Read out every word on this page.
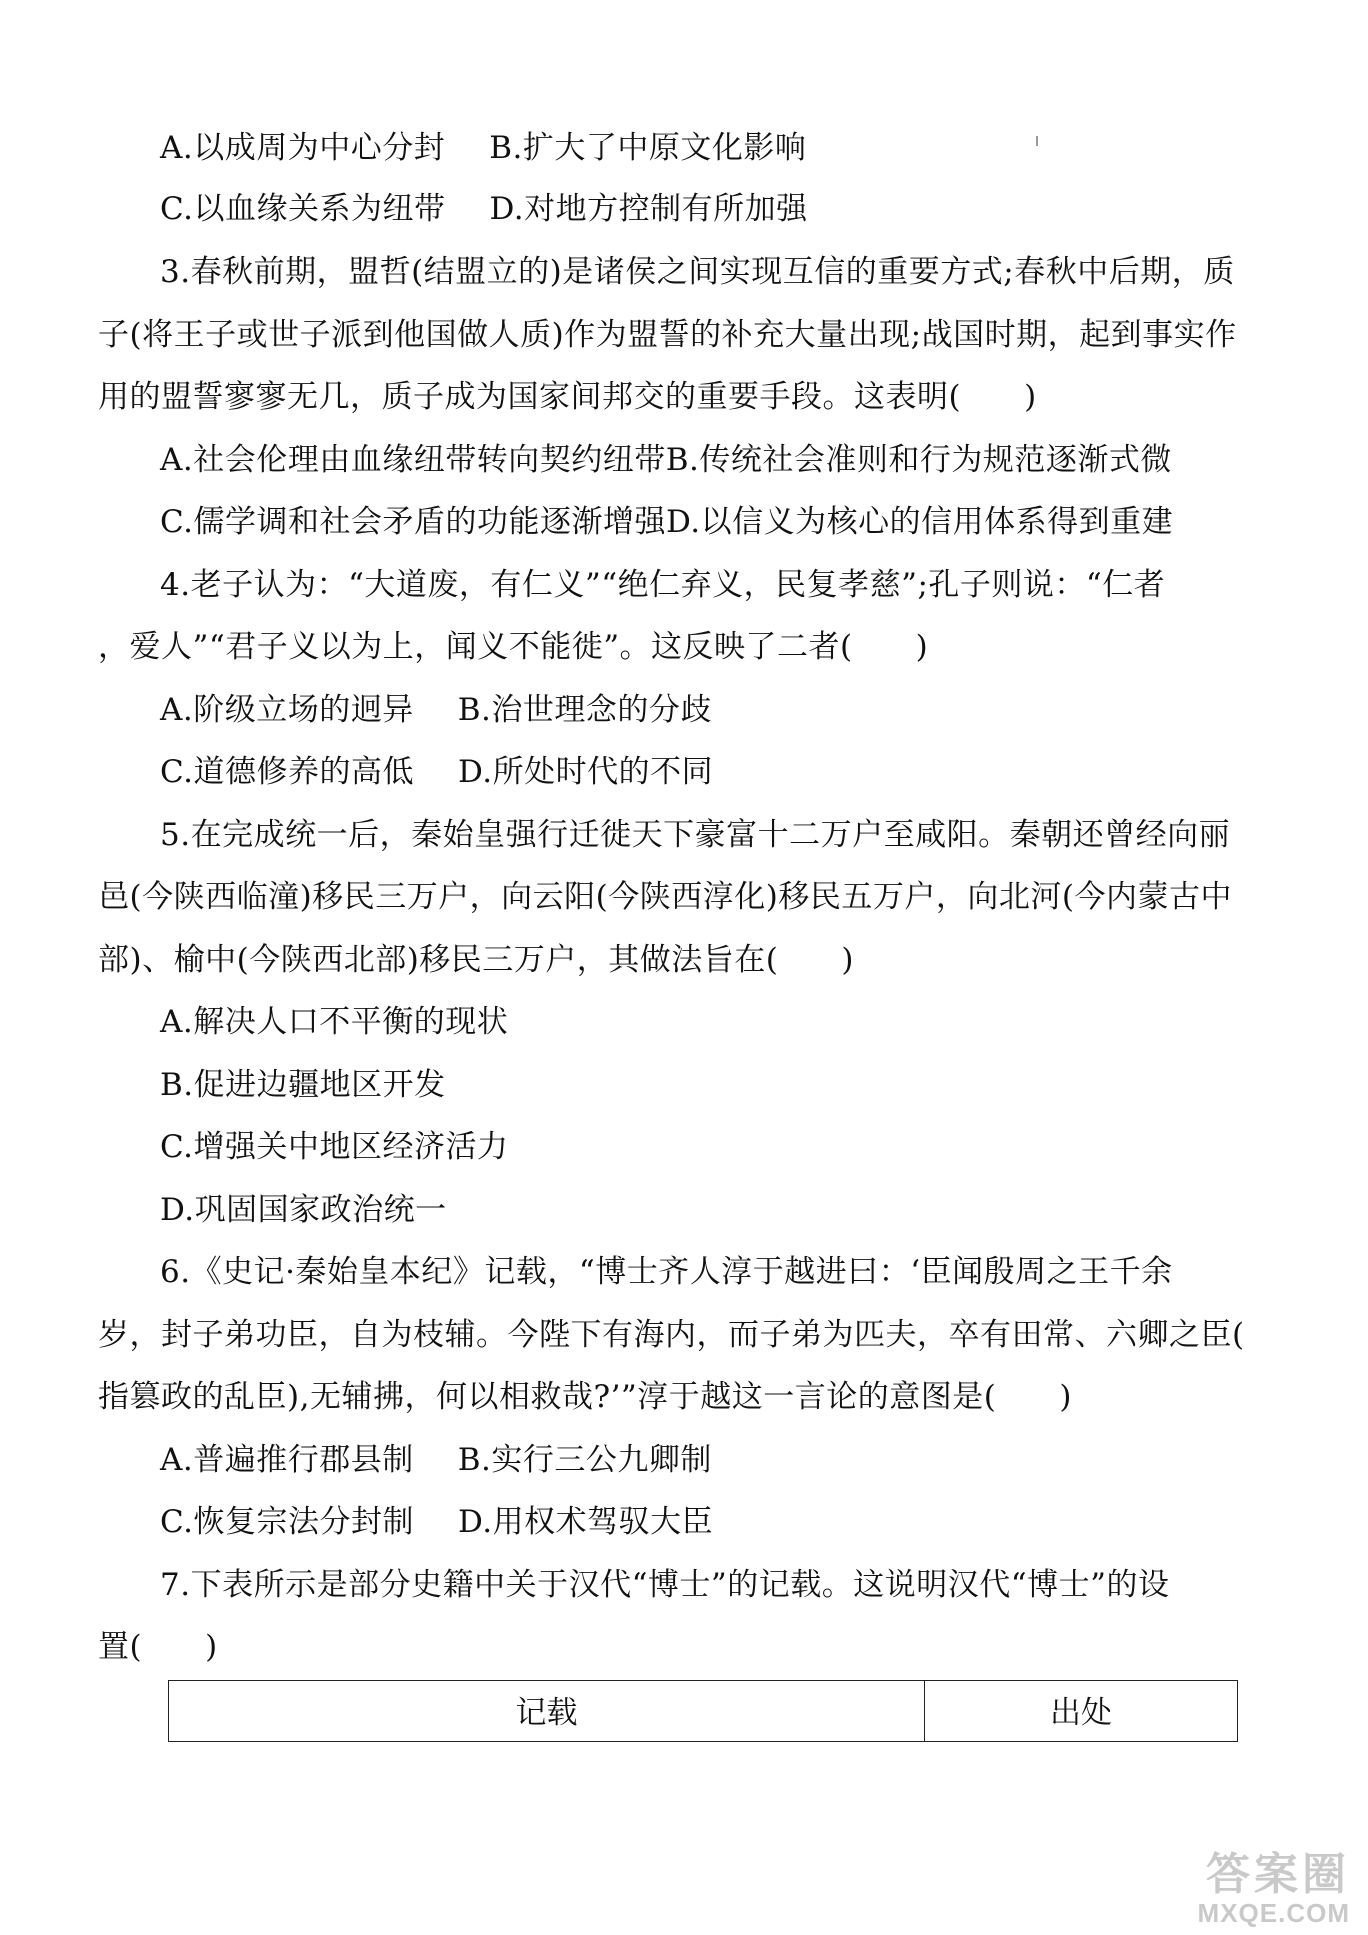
A.以成周为中心分封 B.扩大了中原文化影响
C.以血缘关系为纽带 D.对地方控制有所加强
3.春秋前期，盟哲(结盟立的)是诸侯之间实现互信的重要方式;春秋中后期，质
子(将王子或世子派到他国做人质)作为盟誓的补充大量出现;战国时期，起到事实作
用的盟誓寥寥无几，质子成为国家间邦交的重要手段。这表明(　　)
A.社会伦理由血缘纽带转向契约纽带B.传统社会准则和行为规范逐渐式微
C.儒学调和社会矛盾的功能逐渐增强D.以信义为核心的信用体系得到重建
4.老子认为：“大道废，有仁义”“绝仁弃义，民复孝慈”;孔子则说：“仁者
，爱人”“君子义以为上，闻义不能徙”。这反映了二者(　　)
A.阶级立场的迥异 B.治世理念的分歧
C.道德修养的高低 D.所处时代的不同
5.在完成统一后，秦始皇强行迁徙天下豪富十二万户至咸阳。秦朝还曾经向丽
邑(今陕西临潼)移民三万户，向云阳(今陕西淳化)移民五万户，向北河(今内蒙古中
部)、榆中(今陕西北部)移民三万户，其做法旨在(　　)
A.解决人口不平衡的现状
B.促进边疆地区开发
C.增强关中地区经济活力
D.巩固国家政治统一
6.《史记·秦始皇本纪》记载，“博士齐人淳于越进曰：‘臣闻殷周之王千余
岁，封子弟功臣，自为枝辅。今陛下有海内，而子弟为匹夫，卒有田常、六卿之臣(
指篡政的乱臣),无辅拂，何以相救哉?’”淳于越这一言论的意图是(　　)
A.普遍推行郡县制 B.实行三公九卿制
C.恢复宗法分封制 D.用权术驾驭大臣
7.下表所示是部分史籍中关于汉代“博士”的记载。这说明汉代“博士”的设
置(　　)
记载	出处
答案圈
MXQE.COM
